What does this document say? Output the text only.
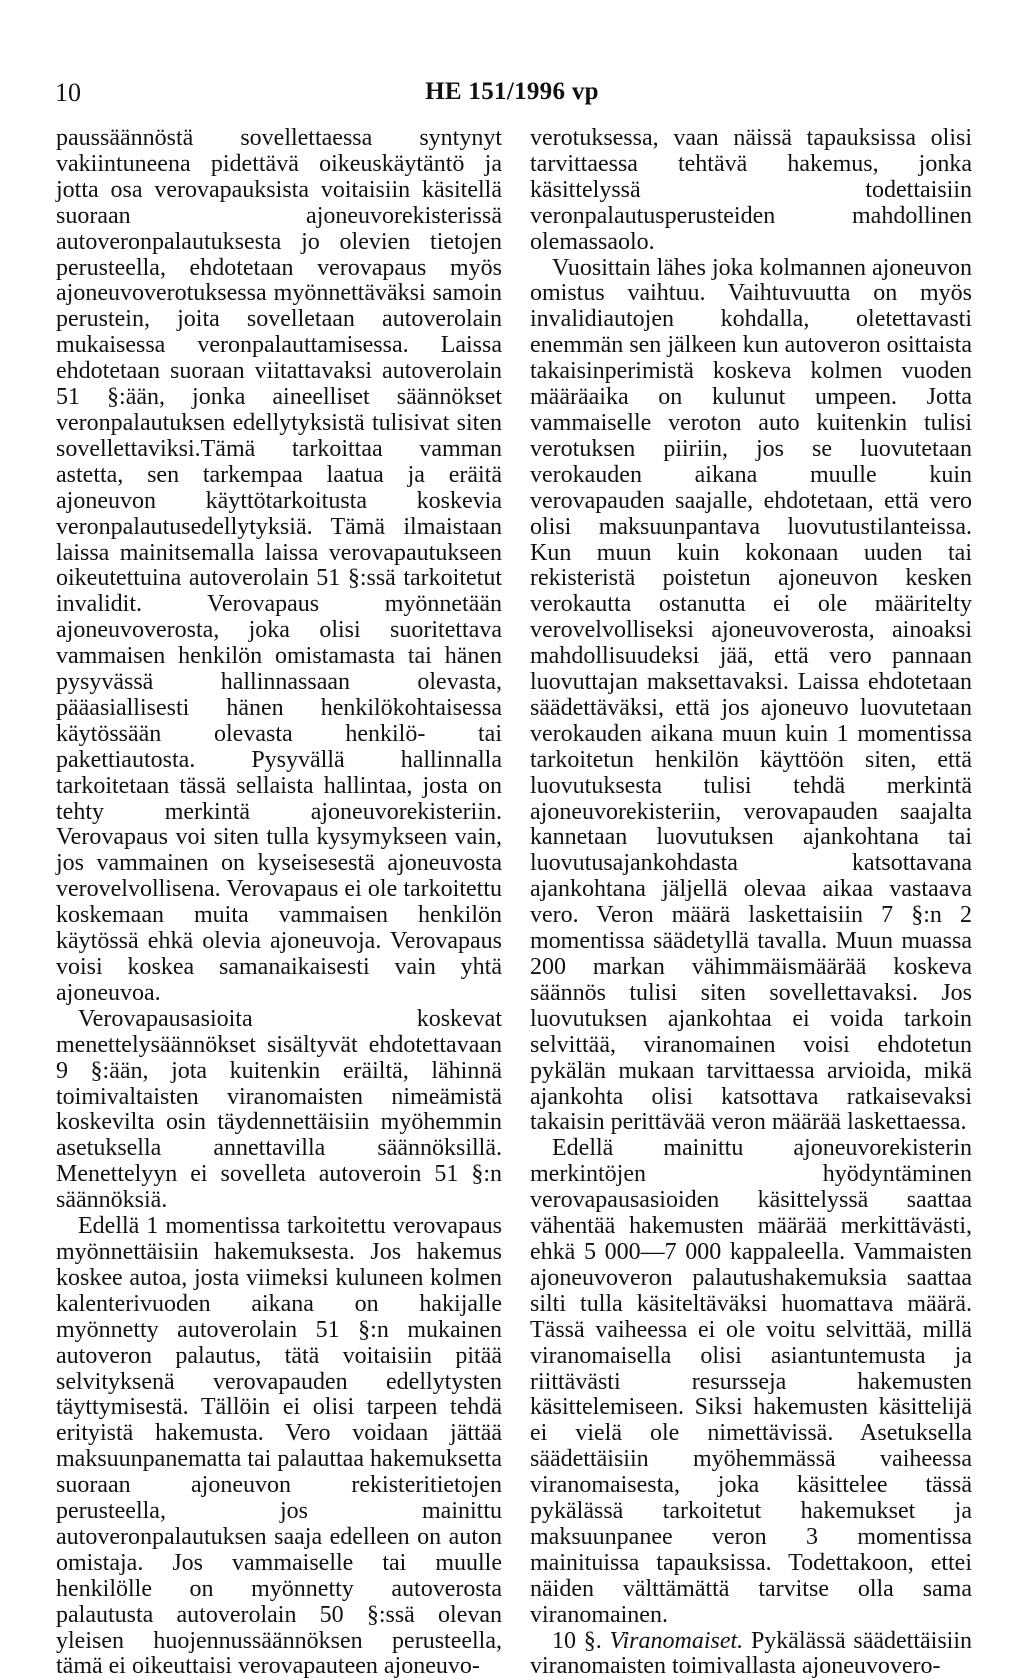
10	HE 151/1996 vp

paussäännöstä sovellettaessa syntynyt vakiintuneena pidettävä oikeuskäytäntö ja jotta osa verovapauksista voitaisiin käsitellä suoraan ajoneuvorekisterissä autoveronpalautuksesta jo olevien tietojen perusteella, ehdotetaan verovapaus myös ajoneuvoverotuksessa myönnettäväksi samoin perustein, joita sovelletaan autoverolain mukaisessa veronpalauttamisessa. Laissa ehdotetaan suoraan viitattavaksi autoverolain 51 §:ään, jonka aineelliset säännökset veronpalautuksen edellytyksistä tulisivat siten sovellettaviksi.Tämä tarkoittaa vamman astetta, sen tarkempaa laatua ja eräitä ajoneuvon käyttötarkoitusta koskevia veronpalautusedellytyksiä. Tämä ilmaistaan laissa mainitsemalla laissa verovapautukseen oikeutettuina autoverolain 51 §:ssä tarkoitetut invalidit. Verovapaus myönnetään ajoneuvoverosta, joka olisi suoritettava vammaisen henkilön omistamasta tai hänen pysyvässä hallinnassaan olevasta, pääasiallisesti hänen henkilökohtaisessa käytössään olevasta henkilö- tai pakettiautosta. Pysyvällä hallinnalla tarkoitetaan tässä sellaista hallintaa, josta on tehty merkintä ajoneuvorekisteriin. Verovapaus voi siten tulla kysymykseen vain, jos vammainen on kyseisesestä ajoneuvosta verovelvollisena. Verovapaus ei ole tarkoitettu koskemaan muita vammaisen henkilön käytössä ehkä olevia ajoneuvoja. Verovapaus voisi koskea samanaikaisesti vain yhtä ajoneuvoa.

Verovapausasioita koskevat menettelysäännökset sisältyvät ehdotettavaan 9 §:ään, jota kuitenkin eräiltä, lähinnä toimivaltaisten viranomaisten nimeämistä koskevilta osin täydennettäisiin myöhemmin asetuksella annettavilla säännöksillä. Menettelyyn ei sovelleta autoveroin 51 §:n säännöksiä.

Edellä 1 momentissa tarkoitettu verovapaus myönnettäisiin hakemuksesta. Jos hakemus koskee autoa, josta viimeksi kuluneen kolmen kalenterivuoden aikana on hakijalle myönnetty autoverolain 51 §:n mukainen autoveron palautus, tätä voitaisiin pitää selvityksenä verovapauden edellytysten täyttymisestä. Tällöin ei olisi tarpeen tehdä erityistä hakemusta. Vero voidaan jättää maksuunpanematta tai palauttaa hakemuksetta suoraan ajoneuvon rekisteritietojen perusteella, jos mainittu autoveronpalautuksen saaja edelleen on auton omistaja. Jos vammaiselle tai muulle henkilölle on myönnetty autoverosta palautusta autoverolain 50 §:ssä olevan yleisen huojennussäännöksen perusteella, tämä ei oikeuttaisi verovapauteen ajoneuvo-

verotuksessa, vaan näissä tapauksissa olisi tarvittaessa tehtävä hakemus, jonka käsittelyssä todettaisiin veronpalautusperusteiden mahdollinen olemassaolo.

Vuosittain lähes joka kolmannen ajoneuvon omistus vaihtuu. Vaihtuvuutta on myös invalidiautojen kohdalla, oletettavasti enemmän sen jälkeen kun autoveron osittaista takaisinperimistä koskeva kolmen vuoden määräaika on kulunut umpeen. Jotta vammaiselle veroton auto kuitenkin tulisi verotuksen piiriin, jos se luovutetaan verokauden aikana muulle kuin verovapauden saajalle, ehdotetaan, että vero olisi maksuunpantava luovutustilanteissa. Kun muun kuin kokonaan uuden tai rekisteristä poistetun ajoneuvon kesken verokautta ostanutta ei ole määritelty verovelvolliseksi ajoneuvoverosta, ainoaksi mahdollisuudeksi jää, että vero pannaan luovuttajan maksettavaksi. Laissa ehdotetaan säädettäväksi, että jos ajoneuvo luovutetaan verokauden aikana muun kuin 1 momentissa tarkoitetun henkilön käyttöön siten, että luovutuksesta tulisi tehdä merkintä ajoneuvorekisteriin, verovapauden saajalta kannetaan luovutuksen ajankohtana tai luovutusajankohdasta katsottavana ajankohtana jäljellä olevaa aikaa vastaava vero. Veron määrä laskettaisiin 7 §:n 2 momentissa säädetyllä tavalla. Muun muassa 200 markan vähimmäismäärää koskeva säännös tulisi siten sovellettavaksi. Jos luovutuksen ajankohtaa ei voida tarkoin selvittää, viranomainen voisi ehdotetun pykälän mukaan tarvittaessa arvioida, mikä ajankohta olisi katsottava ratkaisevaksi takaisin perittävää veron määrää laskettaessa.

Edellä mainittu ajoneuvorekisterin merkintöjen hyödyntäminen verovapausasioiden käsittelyssä saattaa vähentää hakemusten määrää merkittävästi, ehkä 5 000—7 000 kappaleella. Vammaisten ajoneuvoveron palautushakemuksia saattaa silti tulla käsiteltäväksi huomattava määrä. Tässä vaiheessa ei ole voitu selvittää, millä viranomaisella olisi asiantuntemusta ja riittävästi resursseja hakemusten käsittelemiseen. Siksi hakemusten käsittelijä ei vielä ole nimettävissä. Asetuksella säädettäisiin myöhemmässä vaiheessa viranomaisesta, joka käsittelee tässä pykälässä tarkoitetut hakemukset ja maksuunpanee veron 3 momentissa mainituissa tapauksissa. Todettakoon, ettei näiden välttämättä tarvitse olla sama viranomainen.

10 §. Viranomaiset. Pykälässä säädettäisiin viranomaisten toimivallasta ajoneuvovero-
